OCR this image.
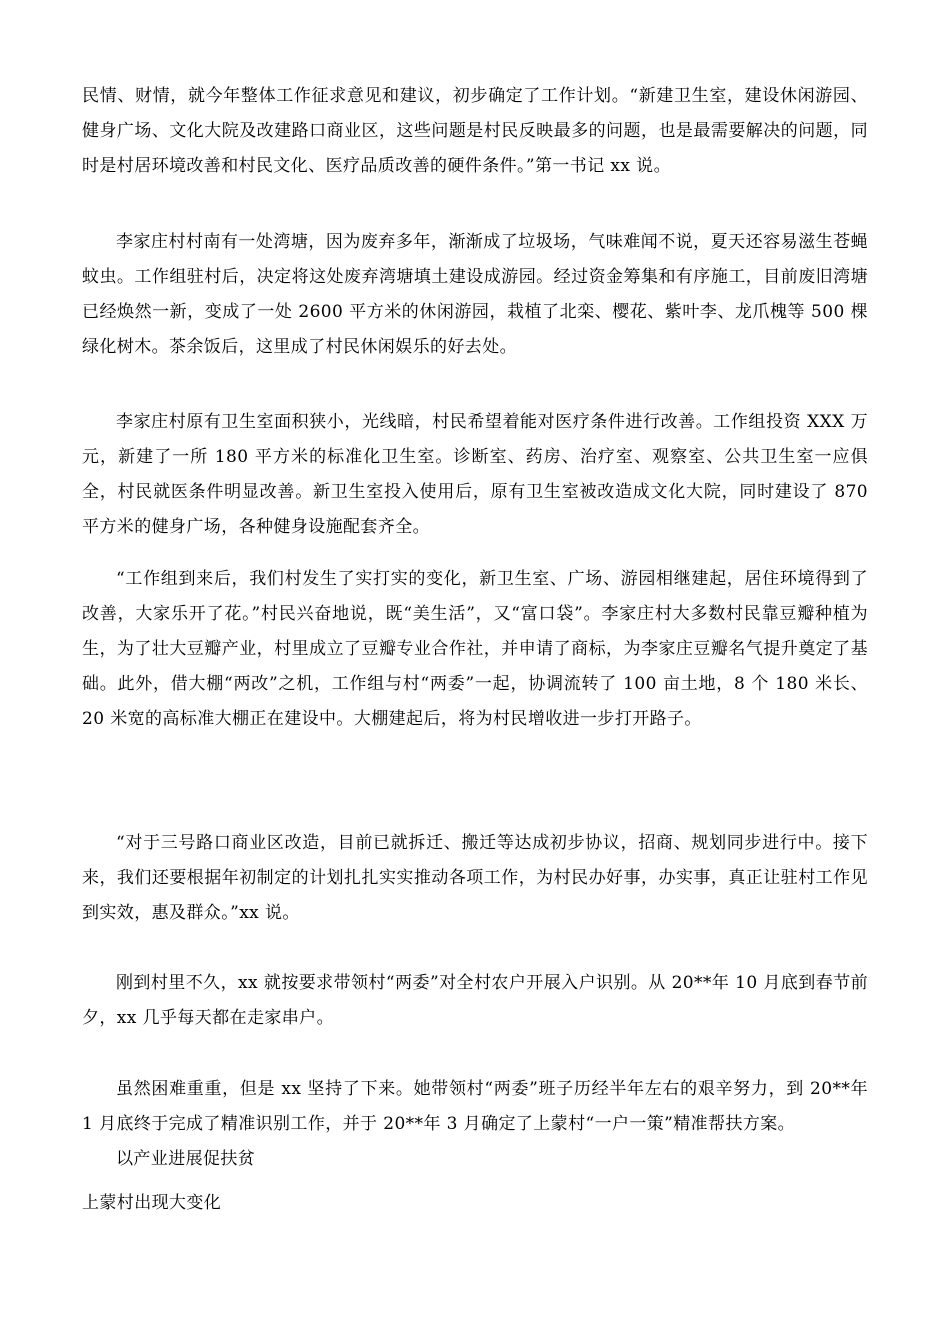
民情、财情，就今年整体工作征求意见和建议，初步确定了工作计划。“新建卫生室，建设休闲游园、健身广场、文化大院及改建路口商业区，这些问题是村民反映最多的问题，也是最需要解决的问题，同时是村居环境改善和村民文化、医疗品质改善的硬件条件。”第一书记 xx 说。

李家庄村村南有一处湾塘，因为废弃多年，渐渐成了垃圾场，气味难闻不说，夏天还容易滋生苍蝇蚊虫。工作组驻村后，决定将这处废弃湾塘填土建设成游园。经过资金筹集和有序施工，目前废旧湾塘已经焕然一新，变成了一处 2600 平方米的休闲游园，栽植了北栾、樱花、紫叶李、龙爪槐等 500 棵绿化树木。茶余饭后，这里成了村民休闲娱乐的好去处。

李家庄村原有卫生室面积狭小，光线暗，村民希望着能对医疗条件进行改善。工作组投资 XXX 万元，新建了一所 180 平方米的标准化卫生室。诊断室、药房、治疗室、观察室、公共卫生室一应俱全，村民就医条件明显改善。新卫生室投入使用后，原有卫生室被改造成文化大院，同时建设了 870 平方米的健身广场，各种健身设施配套齐全。

“工作组到来后，我们村发生了实打实的变化，新卫生室、广场、游园相继建起，居住环境得到了改善，大家乐开了花。”村民兴奋地说，既“美生活”，又“富口袋”。李家庄村大多数村民靠豆瓣种植为生，为了壮大豆瓣产业，村里成立了豆瓣专业合作社，并申请了商标，为李家庄豆瓣名气提升奠定了基础。此外，借大棚“两改”之机，工作组与村“两委”一起，协调流转了 100 亩土地，8 个 180 米长、20 米宽的高标准大棚正在建设中。大棚建起后，将为村民增收进一步打开路子。

“对于三号路口商业区改造，目前已就拆迁、搬迁等达成初步协议，招商、规划同步进行中。接下来，我们还要根据年初制定的计划扎扎实实推动各项工作，为村民办好事，办实事，真正让驻村工作见到实效，惠及群众。”xx 说。

刚到村里不久，xx 就按要求带领村“两委”对全村农户开展入户识别。从 20**年 10 月底到春节前夕，xx 几乎每天都在走家串户。

虽然困难重重，但是 xx 坚持了下来。她带领村“两委”班子历经半年左右的艰辛努力，到 20**年 1 月底终于完成了精准识别工作，并于 20**年 3 月确定了上蒙村“一户一策”精准帮扶方案。

以产业进展促扶贫

上蒙村出现大变化
